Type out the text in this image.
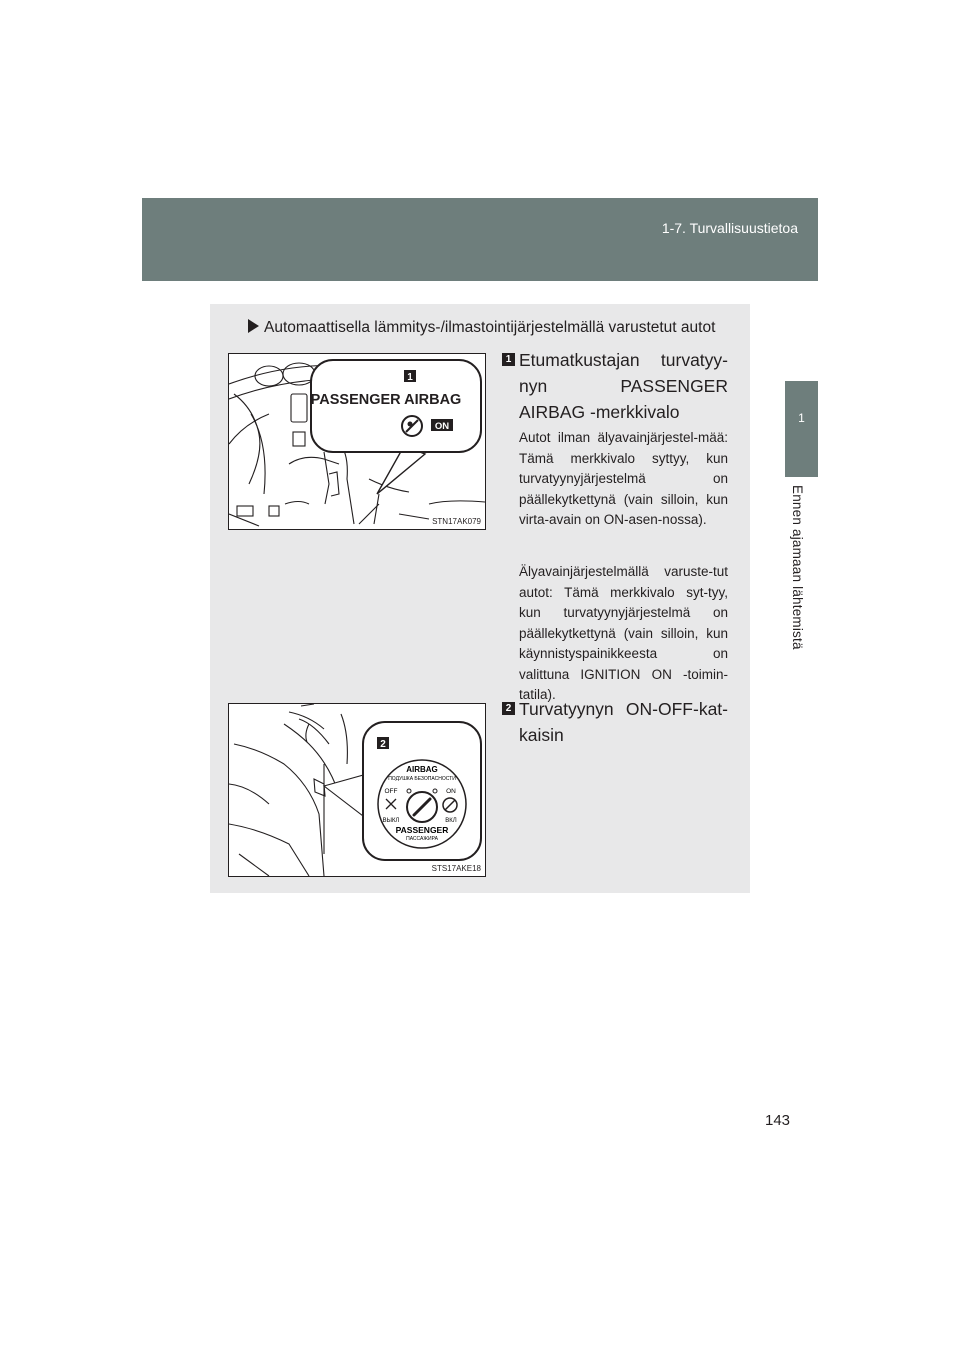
1-7. Turvallisuustietoa
1
Ennen ajamaan lähtemistä
Automaattisella lämmitys-/ilmastointijärjestelmällä varustetut autot
1
PASSENGER AIRBAG
ON
STN17AK079
2
AIRBAG
ПОДУШКА БЕЗОПАСНОСТИ
OFF	ON
ВЫКЛ	ВКЛ
PASSENGER
ПАССАЖИРА
STS17AKE18
1 Etumatkustajan turvatyy-nyn PASSENGER AIRBAG -merkkivalo
Autot ilman älyavainjärjestel-mää: Tämä merkkivalo syttyy, kun turvatyynyjärjestelmä on päällekytkettynä (vain silloin, kun virta-avain on ON-asen-nossa).
Älyavainjärjestelmällä varuste-tut autot: Tämä merkkivalo syt-tyy, kun turvatyynyjärjestelmä on päällekytkettynä (vain silloin, kun käynnistyspainikkeesta on valittuna IGNITION ON -toimin-tatila).
2 Turvatyynyn ON-OFF-kat-kaisin
143
